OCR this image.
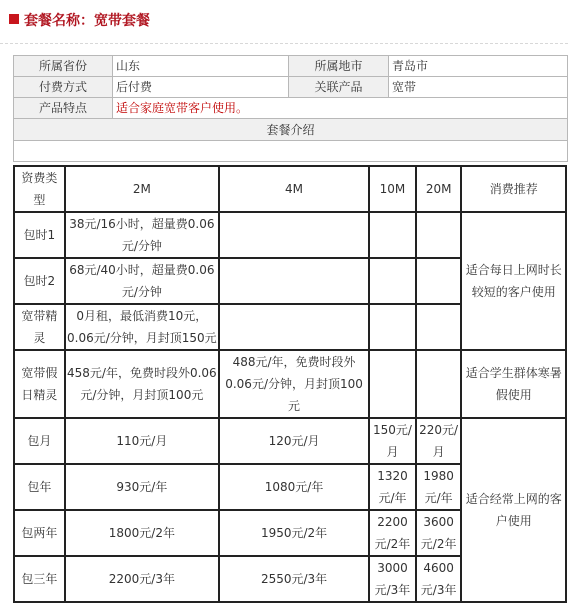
套餐名称：宽带套餐
所属省份	山东	所属地市	青岛市
付费方式	后付费	关联产品	宽带
产品特点	适合家庭宽带客户使用。		
套餐介绍			

资费类型	2M	4M	10M	20M	消费推荐
包时1	38元/16小时，超量费0.06元/分钟				适合每日上网时长较短的客户使用
包时2	68元/40小时，超量费0.06元/分钟				
宽带精灵	0月租，最低消费10元，0.06元/分钟，月封顶150元				
宽带假日精灵	458元/年，免费时段外0.06元/分钟，月封顶100元	488元/年，免费时段外0.06元/分钟，月封顶100元			适合学生群体寒暑假使用
包月	110元/月	120元/月	150元/月	220元/月	适合经常上网的客户使用
包年	930元/年	1080元/年	1320元/年	1980元/年	
包两年	1800元/2年	1950元/2年	2200元/2年	3600元/2年	
包三年	2200元/3年	2550元/3年	3000元/3年	4600元/3年	
